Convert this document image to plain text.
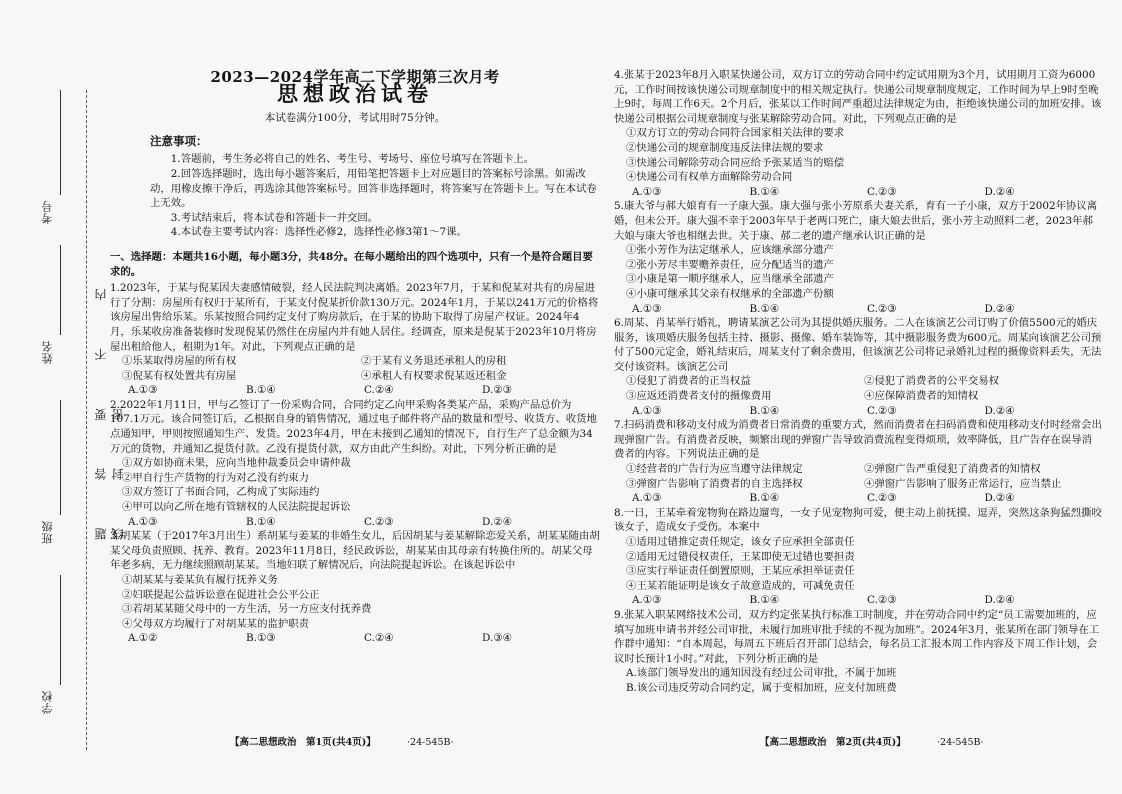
考号
姓名
班级
学校
题 答 要 不 内 线 封 密
2023—2024学年高二下学期第三次月考
思想政治试卷
本试卷满分100分，考试用时75分钟。
注意事项：
1.答题前，考生务必将自己的姓名、考生号、考场号、座位号填写在答题卡上。
2.回答选择题时，选出每小题答案后，用铅笔把答题卡上对应题目的答案标号涂黑。如需改动，用橡皮擦干净后，再选涂其他答案标号。回答非选择题时，将答案写在答题卡上。写在本试卷上无效。
3.考试结束后，将本试卷和答题卡一并交回。
4.本试卷主要考试内容：选择性必修2，选择性必修3第1～7课。
一、选择题：本题共16小题，每小题3分，共48分。在每小题给出的四个选项中，只有一个是符合题目要求的。

1.2023年，于某与倪某因夫妻感情破裂，经人民法院判决离婚。2023年7月，于某和倪某对共有的房屋进行了分割：房屋所有权归于某所有，于某支付倪某折价款130万元。2024年1月，于某以241万元的价格将该房屋出售给乐某。乐某按照合同约定支付了购房款后，在于某的协助下取得了房屋产权证。2024年4月，乐某收房准备装修时发现倪某仍然住在房屋内并有她人居住。经调查，原来是倪某于2023年10月将房屋出租给他人，租期为1年。对此，下列观点正确的是

①乐某取得房屋的所有权	②于某有义务退还承租人的房租
③倪某有权处置共有房屋	④承租人有权要求倪某返还租金
A.①③	B.①④	C.②④	D.②③

2.2022年1月11日，甲与乙签订了一份采购合同，合同约定乙向甲采购各类某产品，采购产品总价为107.1万元。该合同签订后，乙根据自身的销售情况，通过电子邮件将产品的数量和型号、收货方、收货地点通知甲，甲则按照通知生产、发货。2023年4月，甲在未接到乙通知的情况下，自行生产了总金额为34万元的货物，并通知乙提货付款。乙没有提货付款，双方由此产生纠纷。对此，下列分析正确的是

①双方如协商未果，应向当地仲裁委员会申请仲裁

②甲自行生产货物的行为对乙没有约束力

③双方签订了书面合同，乙构成了实际违约

④甲可以向乙所在地有管辖权的人民法院提起诉讼

A.①③	B.①④	C.②③	D.②④

3.胡某某（于2017年3月出生）系胡某与姜某的非婚生女儿，后因胡某与姜某解除恋爱关系，胡某某随由胡某父母负责照顾、抚养、教育。2023年11月8日，经民政诉讼，胡某某由其母亲有转换住所的。胡某父母年老多病，无力继续照顾胡某某。当地妇联了解情况后，向法院提起诉讼。在该起诉讼中

①胡某某与姜某负有履行抚养义务

②妇联提起公益诉讼意在促进社会公平公正

③若胡某某随父母中的一方生活，另一方应支付抚养费

④父母双方均履行了对胡某某的监护职责

A.①②	B.①③	C.②④	D.③④

4.张某于2023年8月入职某快递公司，双方订立的劳动合同中约定试用期为3个月，试用期月工资为6000元，工作时间按该快递公司规章制度中的相关规定执行。快递公司规章制度规定，工作时间为早上9时至晚上9时，每周工作6天。2个月后，张某以工作时间严重超过法律规定为由，拒绝该快递公司的加班安排。该快递公司根据公司规章制度与张某解除劳动合同。对此，下列观点正确的是

①双方订立的劳动合同符合国家相关法律的要求

②快递公司的规章制度违反法律法规的要求

③快递公司解除劳动合同应给予张某适当的赔偿

④快递公司有权单方面解除劳动合同

A.①③	B.①④	C.②③	D.②④

5.康大爷与郝大娘育有一子康大强。康大强与张小芳原系夫妻关系，育有一子小康，双方于2002年协议离婚，但未公开。康大强不幸于2003年早于老两口死亡，康大娘去世后，张小芳主动照料二老，2023年郝大娘与康大爷也相继去世。关于康、郝二老的遗产继承认识正确的是

①张小芳作为法定继承人，应该继承部分遗产

②张小芳尽丰要赡养责任，应分配适当的遗产

③小康是第一顺序继承人，应当继承全部遗产

④小康可继承其父亲有权继承的全部遗产份额

A.①③	B.①④	C.②③	D.②④

6.周某、肖某举行婚礼，聘请某演艺公司为其提供婚庆服务。二人在该演艺公司订购了价值5500元的婚庆服务，该项婚庆服务包括主持、摄影、摄像、婚车装饰等，其中摄影服务费为600元。周某向该演艺公司预付了500元定金，婚礼结束后，周某支付了剩余费用，但该演艺公司将记录婚礼过程的摄像资料丢失，无法交付该资料。该演艺公司

①侵犯了消费者的正当权益	②侵犯了消费者的公平交易权
③应返还消费者支付的摄像费用	④应保障消费者的知情权
A.①③	B.①④	C.②③	D.②④

7.扫码消费和移动支付成为消费者日常消费的重要方式，然而消费者在扫码消费和使用移动支付时经常会出现弹窗广告。有消费者反映，频繁出现的弹窗广告导致消费流程变得烦琐，效率降低，且广告存在误导消费者的内容。下列说法正确的是

①经营者的广告行为应当遵守法律规定	②弹窗广告严重侵犯了消费者的知情权
③弹窗广告影响了消费者的自主选择权	④弹窗广告影响了服务正常运行，应当禁止
A.①③	B.①④	C.②③	D.②④

8.一日，王某牵着宠物狗在路边遛弯，一女子见宠物狗可爱，便主动上前抚摸、逗弄，突然这条狗猛烈撕咬该女子，造成女子受伤。本案中

①适用过错推定责任规定，该女子应承担全部责任

②适用无过错侵权责任，王某即使无过错也要担责

③应实行举证责任倒置原则，王某应承担举证责任

④王某若能证明是该女子故意造成的，可减免责任

A.①③	B.①④	C.②③	D.②④

9.张某入职某网络技术公司，双方约定张某执行标准工时制度，并在劳动合同中约定“员工需要加班的，应填写加班申请书并经公司审批，未履行加班审批手续的不视为加班”。2024年3月，张某所在部门领导在工作群中通知：“自本周起，每周五下班后召开部门总结会，每名员工汇报本周工作内容及下周工作计划，会议时长预计1小时。”对此，下列分析正确的是

A.该部门领导发出的通知因没有经过公司审批，不属于加班

B.该公司违反劳动合同约定，属于变相加班，应支付加班费

【高二思想政治　第1页(共4页)】	·24-545B·	【高二思想政治　第2页(共4页)】	·24-545B·
